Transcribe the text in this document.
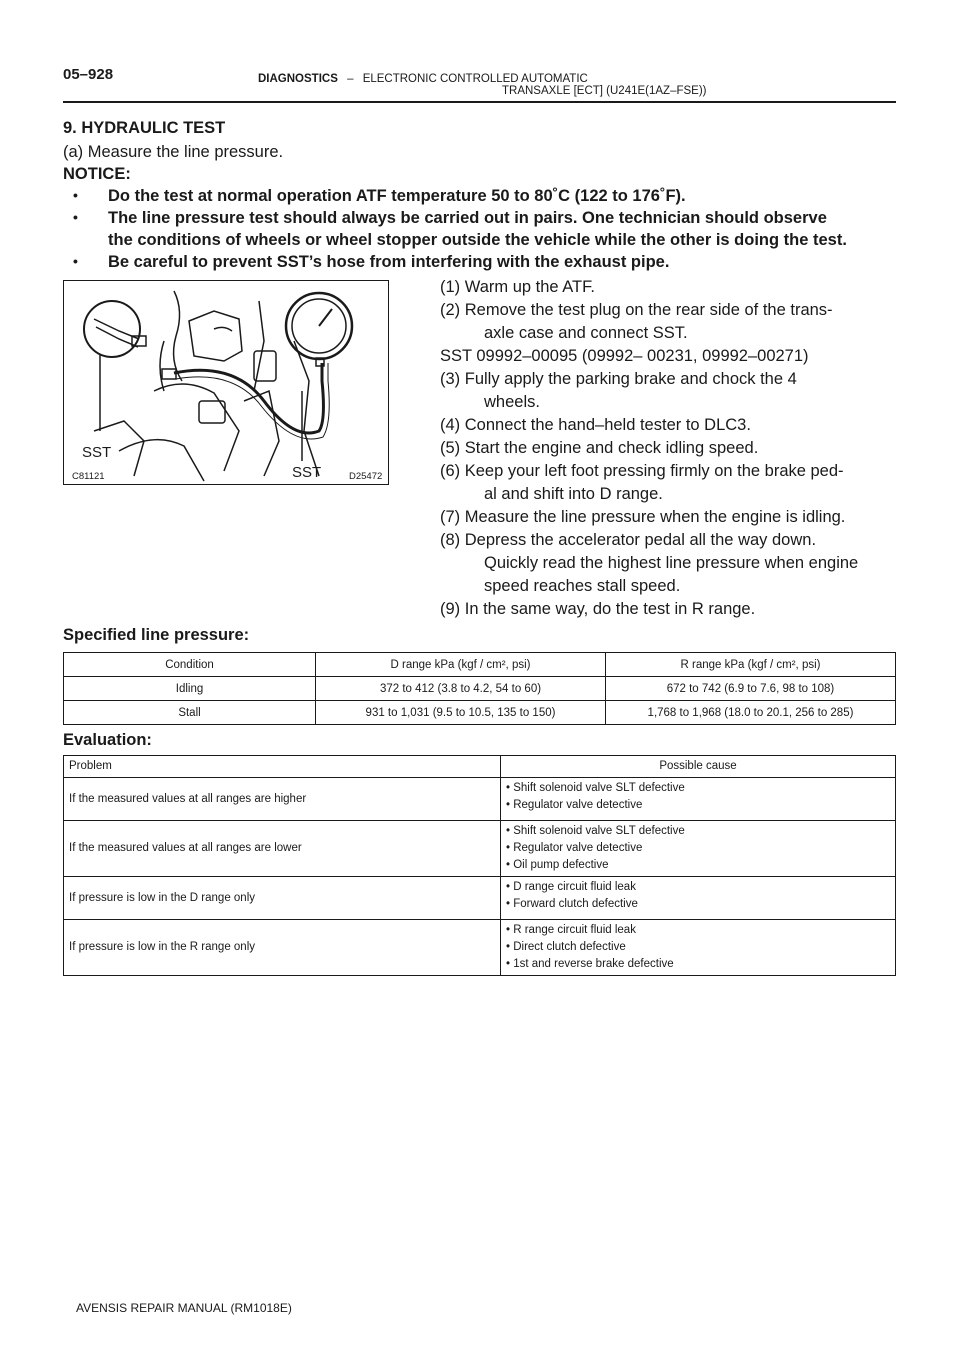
05–928	DIAGNOSTICS – ELECTRONIC CONTROLLED AUTOMATIC
TRANSAXLE [ECT] (U241E(1AZ–FSE))
9. HYDRAULIC TEST
(a) Measure the line pressure.
NOTICE:
• Do the test at normal operation ATF temperature 50 to 80˚C (122 to 176˚F).
• The line pressure test should always be carried out in pairs. One technician should observe
the conditions of wheels or wheel stopper outside the vehicle while the other is doing the test.
• Be careful to prevent SST’s hose from interfering with the exhaust pipe.
SST
SST
C81121	D25472
(1) Warm up the ATF.
(2) Remove the test plug on the rear side of the trans-
axle case and connect SST.
SST 09992–00095 (09992– 00231, 09992–00271)
(3) Fully apply the parking brake and chock the 4
wheels.
(4) Connect the hand–held tester to DLC3.
(5) Start the engine and check idling speed.
(6) Keep your left foot pressing firmly on the brake ped-
al and shift into D range.
(7) Measure the line pressure when the engine is idling.
(8) Depress the accelerator pedal all the way down.
Quickly read the highest line pressure when engine
speed reaches stall speed.
(9) In the same way, do the test in R range.
Specified line pressure:
Condition	D range kPa (kgf / cm², psi)	R range kPa (kgf / cm², psi)
Idling	372 to 412 (3.8 to 4.2, 54 to 60)	672 to 742 (6.9 to 7.6, 98 to 108)
Stall	931 to 1,031 (9.5 to 10.5, 135 to 150)	1,768 to 1,968 (18.0 to 20.1, 256 to 285)
Evaluation:
Problem	Possible cause
If the measured values at all ranges are higher	• Shift solenoid valve SLT defective
• Regulator valve detective

If the measured values at all ranges are lower	• Shift solenoid valve SLT defective
• Regulator valve detective
• Oil pump defective

If pressure is low in the D range only	• D range circuit fluid leak
• Forward clutch defective

If pressure is low in the R range only	• R range circuit fluid leak
• Direct clutch defective
• 1st and reverse brake defective
AVENSIS REPAIR MANUAL (RM1018E)
